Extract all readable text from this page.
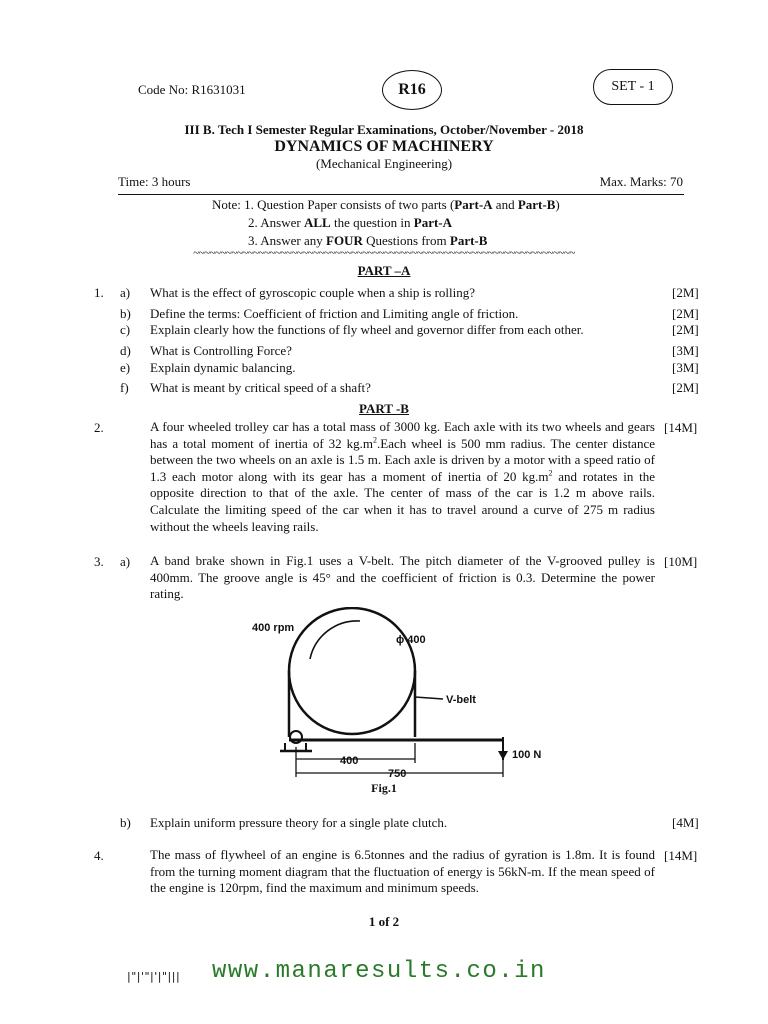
Code No: R1631031	R16	SET - 1
III B. Tech I Semester Regular Examinations, October/November - 2018
DYNAMICS OF MACHINERY
(Mechanical Engineering)
Time: 3 hours	Max. Marks: 70
Note: 1. Question Paper consists of two parts (Part-A and Part-B)
2. Answer ALL the question in Part-A
3. Answer any FOUR Questions from Part-B
~~~~~~~~~~~~~~~~~~~~~~~~~~~~~~~~~~~~~~~~~~~~~~~~~~~~~~~~~~~~~~~~~~~~~~
PART –A
1. a) What is the effect of gyroscopic couple when a ship is rolling?	[2M]
b) Define the terms: Coefficient of friction and Limiting angle of friction.	[2M]
c) Explain clearly how the functions of fly wheel and governor differ from each other.	[2M]
d) What is Controlling Force?	[3M]
e) Explain dynamic balancing.	[3M]
f) What is meant by critical speed of a shaft?	[2M]
PART -B
2.	A four wheeled trolley car has a total mass of 3000 kg. Each axle with its two wheels and gears has a total moment of inertia of 32 $kg.m^2.Each$ wheel is 500 mm radius. The center distance between the two wheels on an axle is 1.5 m. Each axle is driven by a motor with a speed ratio of 1.3 each motor along with its gear has a moment of inertia of 20 $kg.m^2$ and rotates in the opposite direction to that of the axle. The center of mass of the car is 1.2 m above rails. Calculate the limiting speed of the car when it has to travel around a curve of 275 m radius without the wheels leaving rails.
[14M]
3. a) A band brake shown in Fig.1 uses a V-belt. The pitch diameter of the V-grooved pulley is 400mm. The groove angle is 45° and the coefficient of friction is 0.3. Determine the power rating.
[10M]
400 rpm
ϕ 400
V-belt
400
750
100 N
Fig.1
b) Explain uniform pressure theory for a single plate clutch.	[4M]
4.	The mass of flywheel of an engine is 6.5tonnes and the radius of gyration is 1.8m. It is found from the turning moment diagram that the fluctuation of energy is 56kN-m. If the mean speed of the engine is 120rpm, find the maximum and minimum speeds.
[14M]
1 of 2
|"|'"|'|"||| www.manaresults.co.in
